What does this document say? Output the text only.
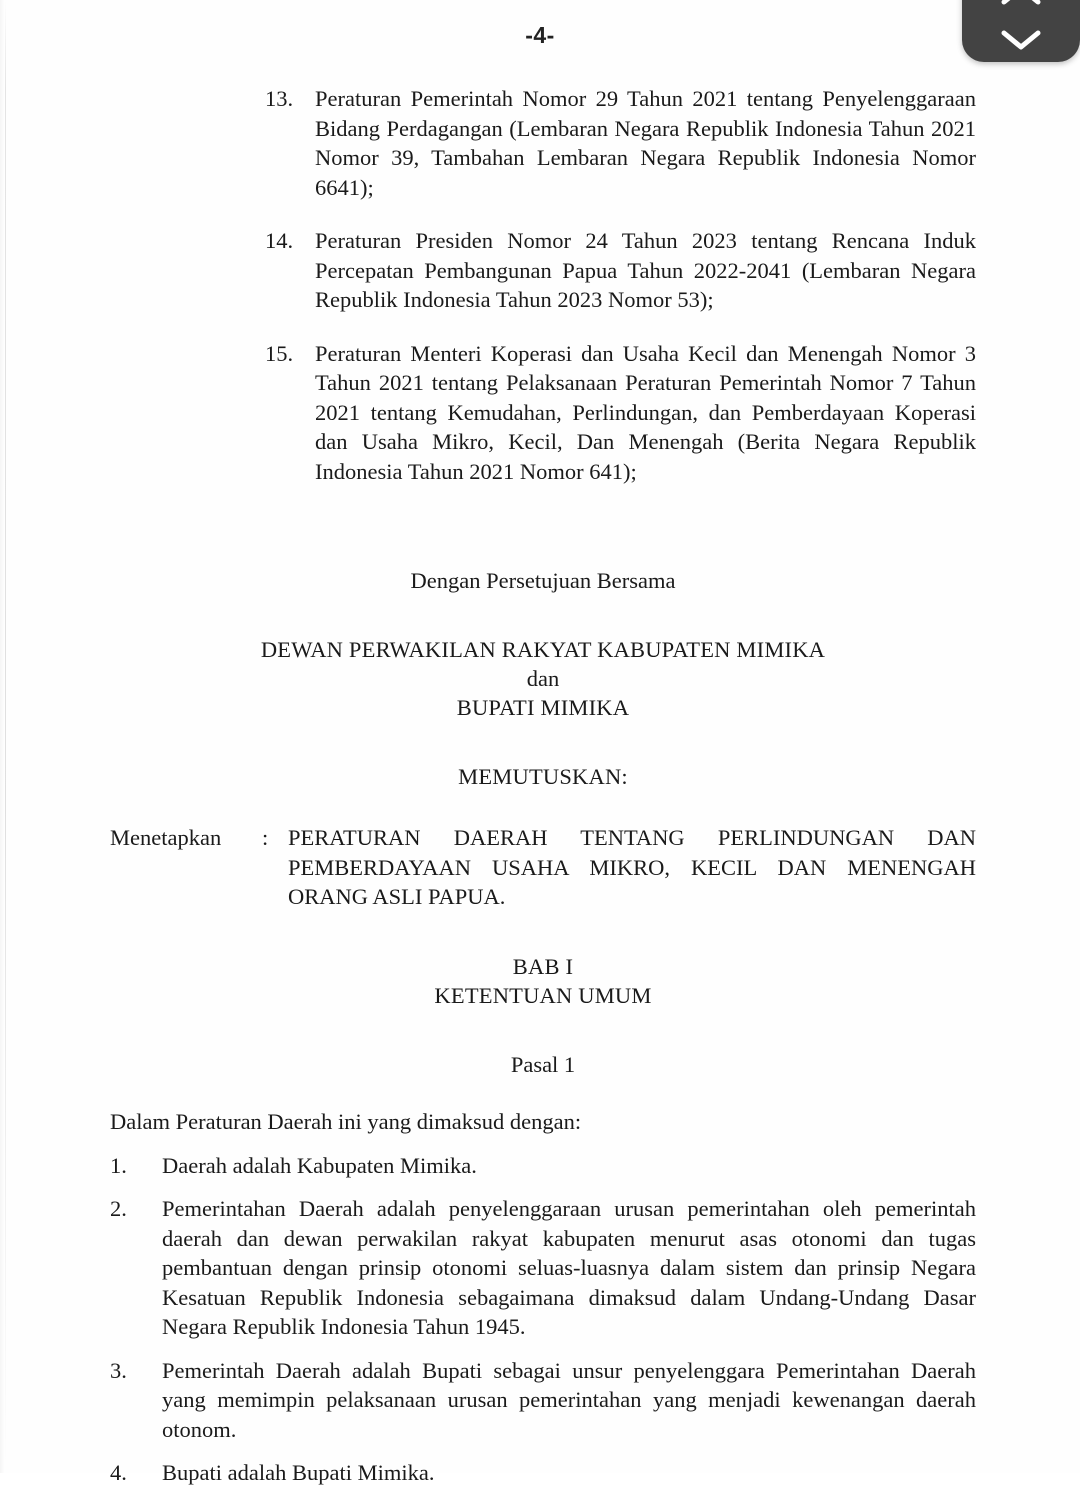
-4-
13. Peraturan Pemerintah Nomor 29 Tahun 2021 tentang Penyelenggaraan Bidang Perdagangan (Lembaran Negara Republik Indonesia Tahun 2021 Nomor 39, Tambahan Lembaran Negara Republik Indonesia Nomor 6641);
14. Peraturan Presiden Nomor 24 Tahun 2023 tentang Rencana Induk Percepatan Pembangunan Papua Tahun 2022-2041 (Lembaran Negara Republik Indonesia Tahun 2023 Nomor 53);
15. Peraturan Menteri Koperasi dan Usaha Kecil dan Menengah Nomor 3 Tahun 2021 tentang Pelaksanaan Peraturan Pemerintah Nomor 7 Tahun 2021 tentang Kemudahan, Perlindungan, dan Pemberdayaan Koperasi dan Usaha Mikro, Kecil, Dan Menengah (Berita Negara Republik Indonesia Tahun 2021 Nomor 641);
Dengan Persetujuan Bersama
DEWAN PERWAKILAN RAKYAT KABUPATEN MIMIKA
dan
BUPATI MIMIKA
MEMUTUSKAN:
Menetapkan	: PERATURAN DAERAH TENTANG PERLINDUNGAN DAN PEMBERDAYAAN USAHA MIKRO, KECIL DAN MENENGAH ORANG ASLI PAPUA.
BAB I
KETENTUAN UMUM
Pasal 1
Dalam Peraturan Daerah ini yang dimaksud dengan:
1.	Daerah adalah Kabupaten Mimika.
2.	Pemerintahan Daerah adalah penyelenggaraan urusan pemerintahan oleh pemerintah daerah dan dewan perwakilan rakyat kabupaten menurut asas otonomi dan tugas pembantuan dengan prinsip otonomi seluas-luasnya dalam sistem dan prinsip Negara Kesatuan Republik Indonesia sebagaimana dimaksud dalam Undang-Undang Dasar Negara Republik Indonesia Tahun 1945.
3.	Pemerintah Daerah adalah Bupati sebagai unsur penyelenggara Pemerintahan Daerah yang memimpin pelaksanaan urusan pemerintahan yang menjadi kewenangan daerah otonom.
4.	Bupati adalah Bupati Mimika.
